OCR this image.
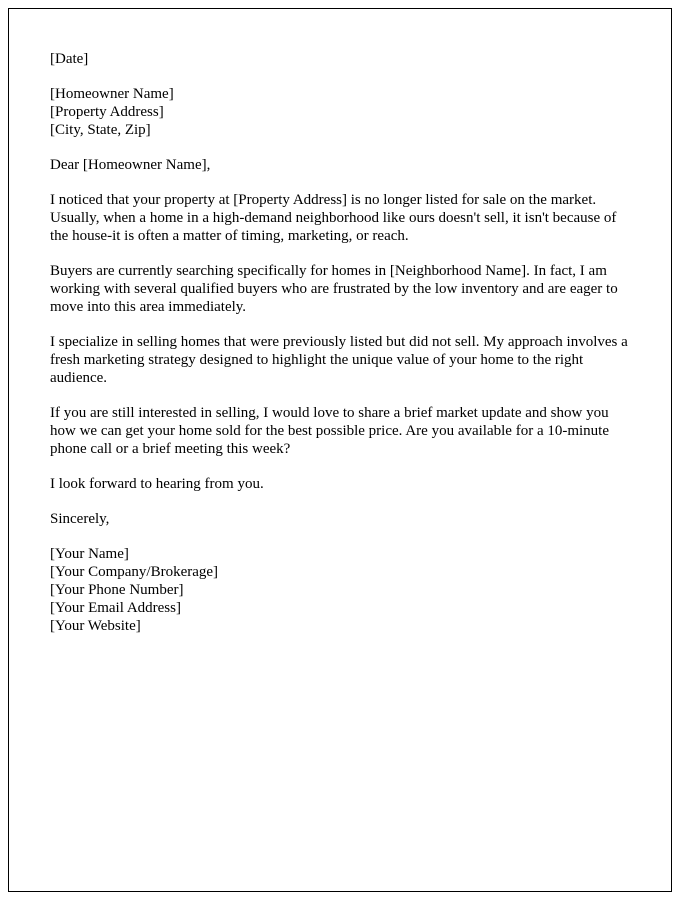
[Date]
[Homeowner Name]
[Property Address]
[City, State, Zip]
Dear [Homeowner Name],

I noticed that your property at [Property Address] is no longer listed for sale on the market. Usually, when a home in a high-demand neighborhood like ours doesn't sell, it isn't because of the house-it is often a matter of timing, marketing, or reach.

Buyers are currently searching specifically for homes in [Neighborhood Name]. In fact, I am working with several qualified buyers who are frustrated by the low inventory and are eager to move into this area immediately.

I specialize in selling homes that were previously listed but did not sell. My approach involves a fresh marketing strategy designed to highlight the unique value of your home to the right audience.

If you are still interested in selling, I would love to share a brief market update and show you how we can get your home sold for the best possible price. Are you available for a 10-minute phone call or a brief meeting this week?

I look forward to hearing from you.

Sincerely,
[Your Name]
[Your Company/Brokerage]
[Your Phone Number]
[Your Email Address]
[Your Website]
